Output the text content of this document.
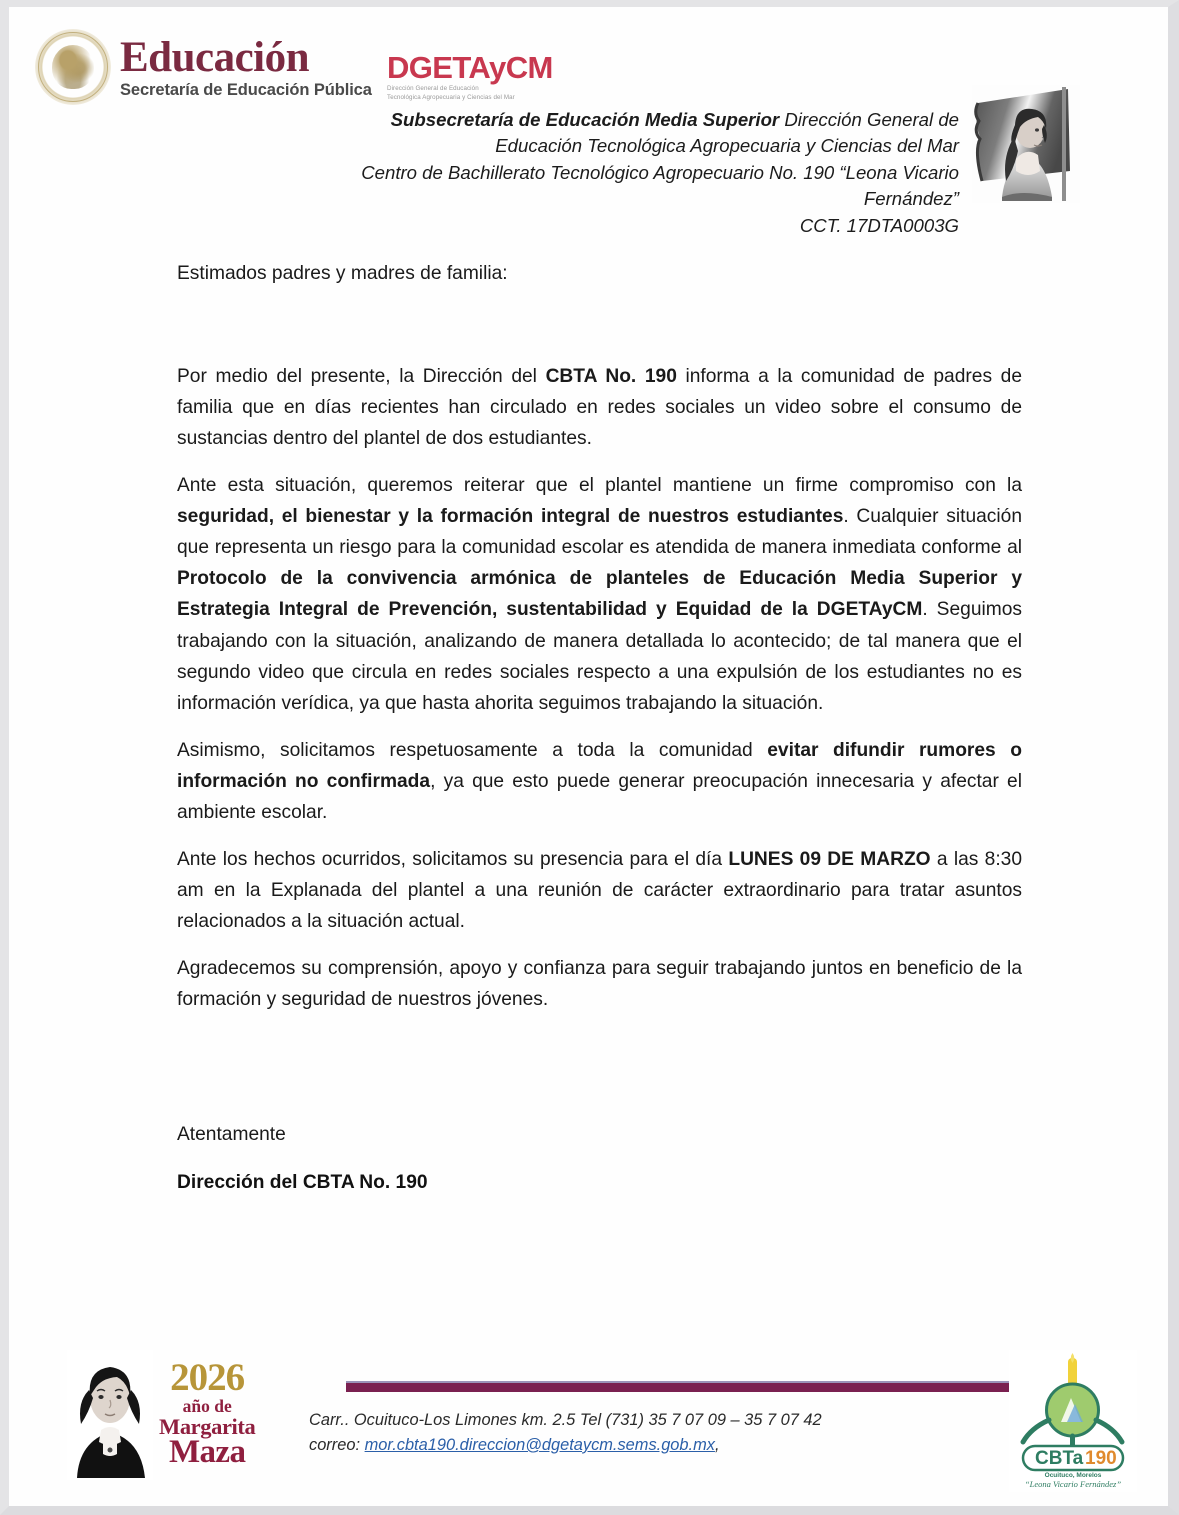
Educación
Secretaría de Educación Pública
DGETAyCM
Dirección General de Educación
Tecnológica Agropecuaria y Ciencias del Mar
Subsecretaría de Educación Media Superior Dirección General de
Educación Tecnológica Agropecuaria y Ciencias del Mar
Centro de Bachillerato Tecnológico Agropecuario No. 190 “Leona Vicario
Fernández”
CCT. 17DTA0003G

Estimados padres y madres de familia:

Por medio del presente, la Dirección del CBTA No. 190 informa a la comunidad de padres de familia que en días recientes han circulado en redes sociales un video sobre el consumo de sustancias dentro del plantel de dos estudiantes.

Ante esta situación, queremos reiterar que el plantel mantiene un firme compromiso con la seguridad, el bienestar y la formación integral de nuestros estudiantes. Cualquier situación que representa un riesgo para la comunidad escolar es atendida de manera inmediata conforme al Protocolo de la convivencia armónica de planteles de Educación Media Superior y Estrategia Integral de Prevención, sustentabilidad y Equidad de la DGETAyCM. Seguimos trabajando con la situación, analizando de manera detallada lo acontecido; de tal manera que el segundo video que circula en redes sociales respecto a una expulsión de los estudiantes no es información verídica, ya que hasta ahorita seguimos trabajando la situación.

Asimismo, solicitamos respetuosamente a toda la comunidad evitar difundir rumores o información no confirmada, ya que esto puede generar preocupación innecesaria y afectar el ambiente escolar.

Ante los hechos ocurridos, solicitamos su presencia para el día LUNES 09 DE MARZO a las 8:30 am en la Explanada del plantel a una reunión de carácter extraordinario para tratar asuntos relacionados a la situación actual.

Agradecemos su comprensión, apoyo y confianza para seguir trabajando juntos en beneficio de la formación y seguridad de nuestros jóvenes.

Atentamente

Dirección del CBTA No. 190

2026
año de
Margarita
Maza
Carr.. Ocuituco-Los Limones km. 2.5 Tel (731) 35 7 07 09 – 35 7 07 42
correo: mor.cbta190.direccion@dgetaycm.sems.gob.mx,
CBTa 190
Ocuituco, Morelos
“Leona Vicario Fernández”
